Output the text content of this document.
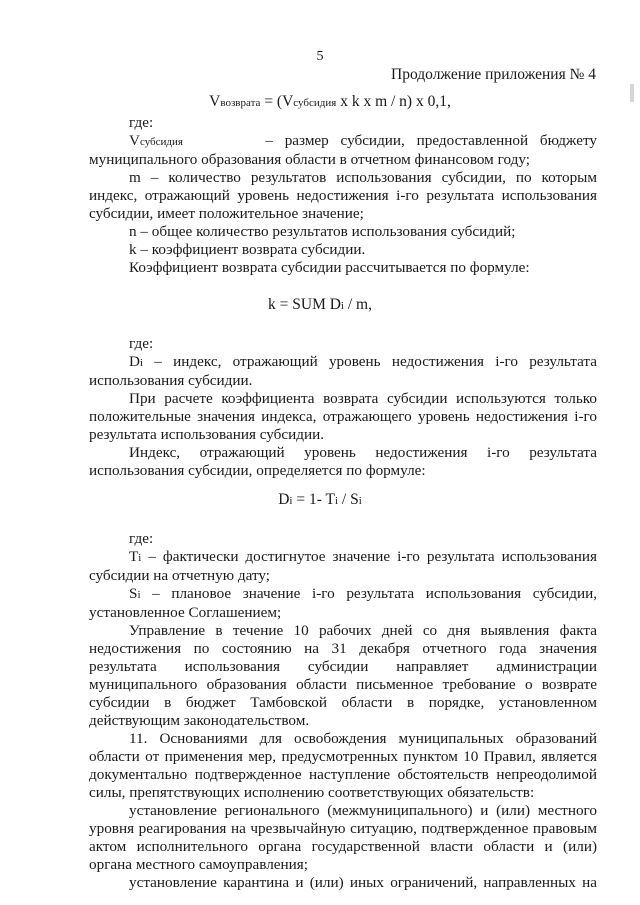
5
Продолжение приложения № 4
Vвозврата = (Vсубсидия х k х m / n) х 0,1,
где:
Vсубсидия	– размер субсидии, предоставленной бюджету
муниципального образования области в отчетном финансовом году;
m – количество результатов использования субсидии, по которым
индекс, отражающий уровень недостижения i-го результата использования
субсидии, имеет положительное значение;
n – общее количество результатов использования субсидий;
k – коэффициент возврата субсидии.
Коэффициент возврата субсидии рассчитывается по формуле:
k = SUM Di / m,
где:
Di – индекс, отражающий уровень недостижения i-го результата
использования субсидии.
При расчете коэффициента возврата субсидии используются только
положительные значения индекса, отражающего уровень недостижения i-го
результата использования субсидии.
Индекс, отражающий уровень недостижения i-го результата
использования субсидии, определяется по формуле:
Di = 1- Ti / Si
где:
Ti – фактически достигнутое значение i-го результата использования
субсидии на отчетную дату;
Si – плановое значение i-го результата использования субсидии,
установленное Соглашением;
Управление в течение 10 рабочих дней со дня выявления факта
недостижения по состоянию на 31 декабря отчетного года значения
результата использования субсидии направляет администрации
муниципального образования области письменное требование о возврате
субсидии в бюджет Тамбовской области в порядке, установленном
действующим законодательством.
11. Основаниями для освобождения муниципальных образований
области от применения мер, предусмотренных пунктом 10 Правил, является
документально подтвержденное наступление обстоятельств непреодолимой
силы, препятствующих исполнению соответствующих обязательств:
установление регионального (межмуниципального) и (или) местного
уровня реагирования на чрезвычайную ситуацию, подтвержденное правовым
актом исполнительного органа государственной власти области и (или)
органа местного самоуправления;
установление карантина и (или) иных ограничений, направленных на
